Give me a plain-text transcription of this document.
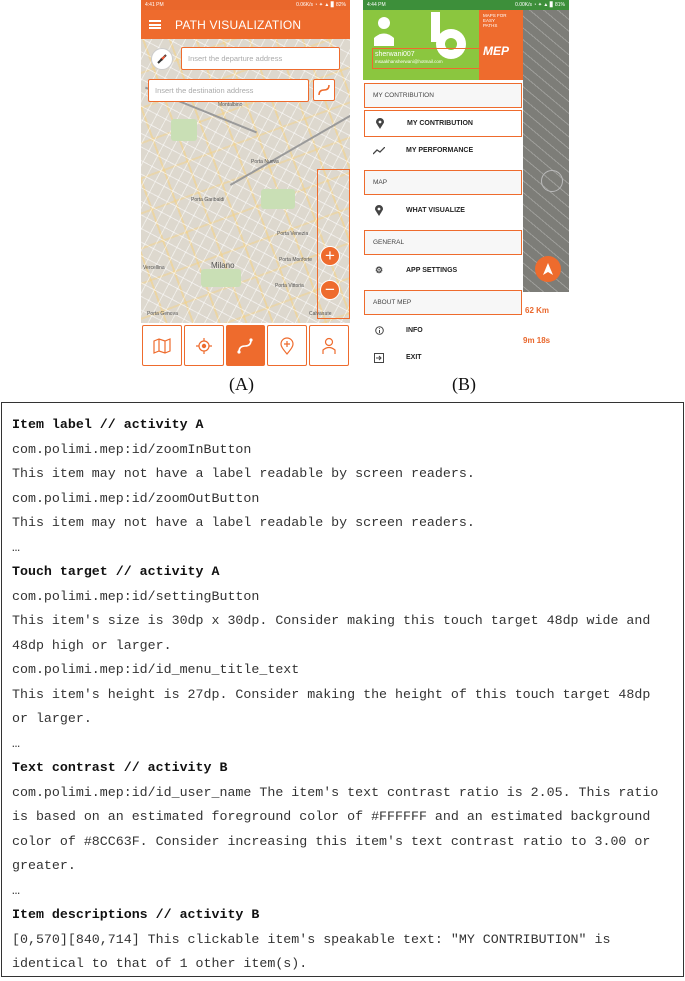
4:41 PM	0.06K/s ◔ ✦ ▲ ▊ 82%
PATH VISUALIZATION
Montalbino
Porta Garibaldi
Porta Venezia
Milano
Porta Monforte
Porta Vittoria
Porta Genova
Vercellina
Calvairate
Porta Nuova
Insert the departure address
Insert the destination address
+
−
4:44 PM	0.00K/s ◔ ✦ ▲ ▊ 81%
62 Km
9m 18s
sherwani007
msaakhansherwani@hotmail.com
MAPS FOR EASY PATHS
MEP
MY CONTRIBUTION
MY CONTRIBUTION
MY PERFORMANCE
MAP
WHAT VISUALIZE
GENERAL
⚙	APP SETTINGS
ABOUT MEP
INFO
EXIT
(A)	(B)
Item label // activity A
com.polimi.mep:id/zoomInButton
This item may not have a label readable by screen readers.
com.polimi.mep:id/zoomOutButton
This item may not have a label readable by screen readers.
…
Touch target // activity A
com.polimi.mep:id/settingButton
This item's size is 30dp x 30dp. Consider making this touch target 48dp wide and 48dp high or larger.
com.polimi.mep:id/id_menu_title_text
This item's height is 27dp. Consider making the height of this touch target 48dp or larger.
…
Text contrast // activity B
com.polimi.mep:id/id_user_name The item's text contrast ratio is 2.05. This ratio is based on an estimated foreground color of #FFFFFF and an estimated background color of #8CC63F. Consider increasing this item's text contrast ratio to 3.00 or greater.
…
Item descriptions // activity B
[0,570][840,714] This clickable item's speakable text: "MY CONTRIBUTION" is identical to that of 1 other item(s).
